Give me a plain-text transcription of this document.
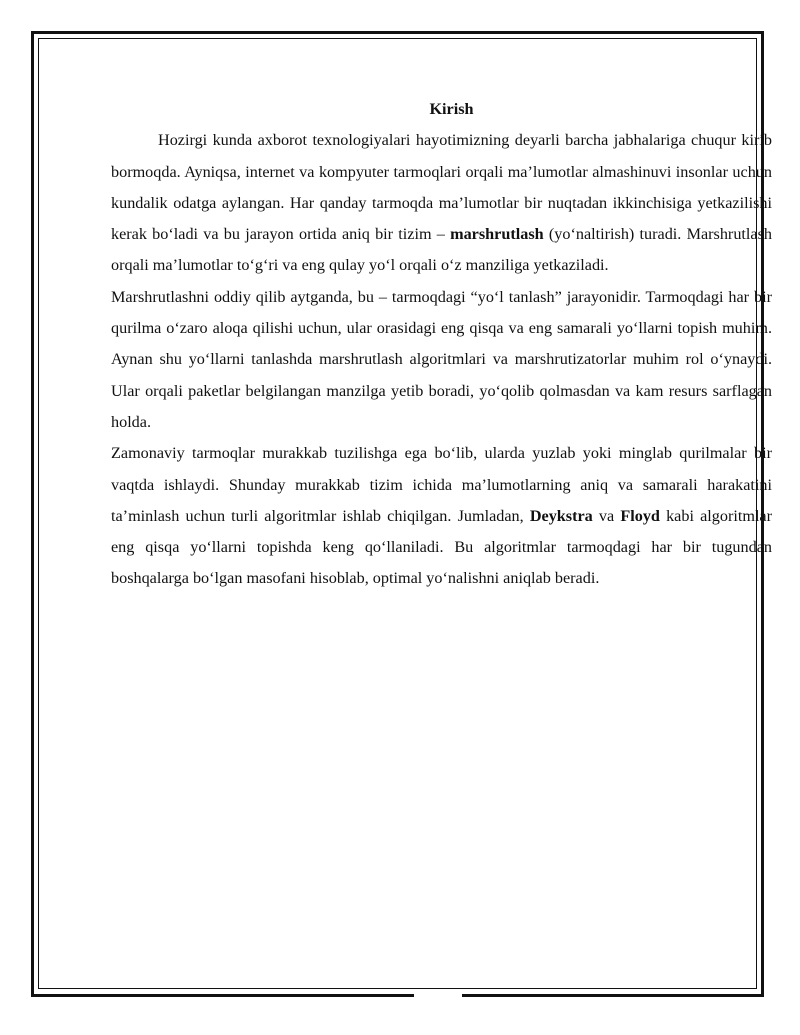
Kirish

Hozirgi kunda axborot texnologiyalari hayotimizning deyarli barcha jabhalariga chuqur kirib bormoqda. Ayniqsa, internet va kompyuter tarmoqlari orqali ma’lumotlar almashinuvi insonlar uchun kundalik odatga aylangan. Har qanday tarmoqda ma’lumotlar bir nuqtadan ikkinchisiga yetkazilishi kerak bo‘ladi va bu jarayon ortida aniq bir tizim – marshrutlash (yo‘naltirish) turadi. Marshrutlash orqali ma’lumotlar to‘g‘ri va eng qulay yo‘l orqali o‘z manziliga yetkaziladi.

Marshrutlashni oddiy qilib aytganda, bu – tarmoqdagi “yo‘l tanlash” jarayonidir. Tarmoqdagi har bir qurilma o‘zaro aloqa qilishi uchun, ular orasidagi eng qisqa va eng samarali yo‘llarni topish muhim. Aynan shu yo‘llarni tanlashda marshrutlash algoritmlari va marshrutizatorlar muhim rol o‘ynaydi. Ular orqali paketlar belgilangan manzilga yetib boradi, yo‘qolib qolmasdan va kam resurs sarflagan holda.

Zamonaviy tarmoqlar murakkab tuzilishga ega bo‘lib, ularda yuzlab yoki minglab qurilmalar bir vaqtda ishlaydi. Shunday murakkab tizim ichida ma’lumotlarning aniq va samarali harakatini ta’minlash uchun turli algoritmlar ishlab chiqilgan. Jumladan, Deykstra va Floyd kabi algoritmlar eng qisqa yo‘llarni topishda keng qo‘llaniladi. Bu algoritmlar tarmoqdagi har bir tugundan boshqalarga bo‘lgan masofani hisoblab, optimal yo‘nalishni aniqlab beradi.
